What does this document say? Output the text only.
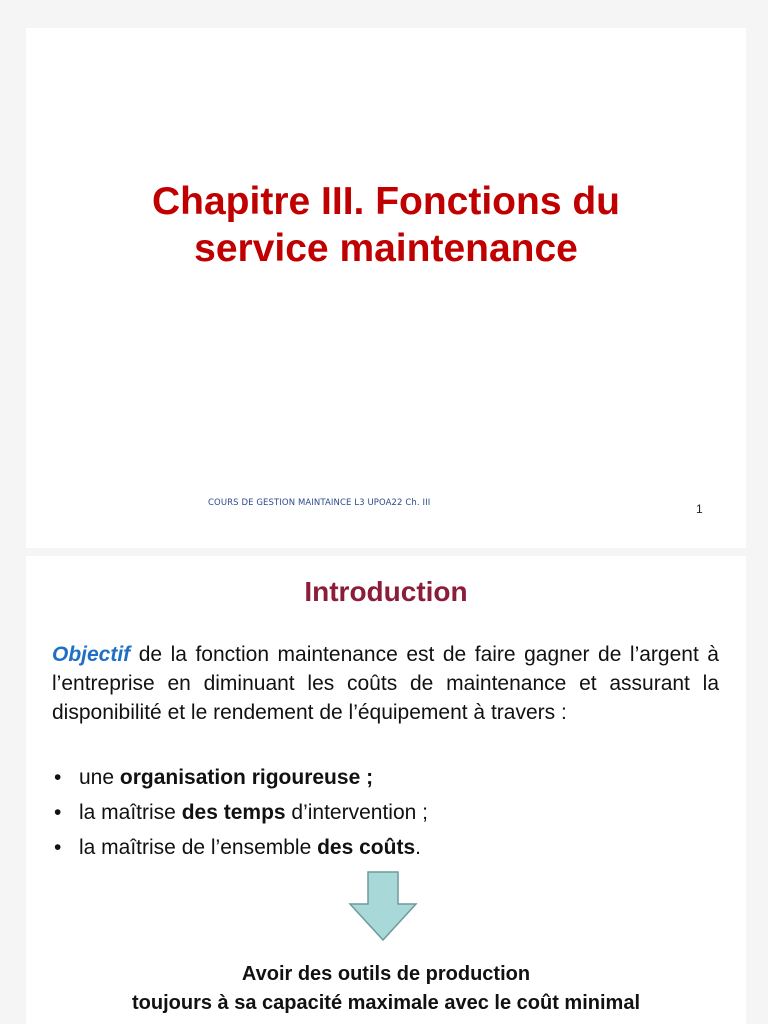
Chapitre III. Fonctions du
service maintenance
COURS DE GESTION MAINTAINCE L3 UPOA22 Ch. III	1
Introduction
Objectif de la fonction maintenance est de faire gagner de l’argent à l’entreprise en diminuant les coûts de maintenance et assurant la disponibilité et le rendement de l’équipement à travers :
• une organisation rigoureuse ;
• la maîtrise des temps d’intervention ;
• la maîtrise de l’ensemble des coûts.
Avoir des outils de production
toujours à sa capacité maximale avec le coût minimal
